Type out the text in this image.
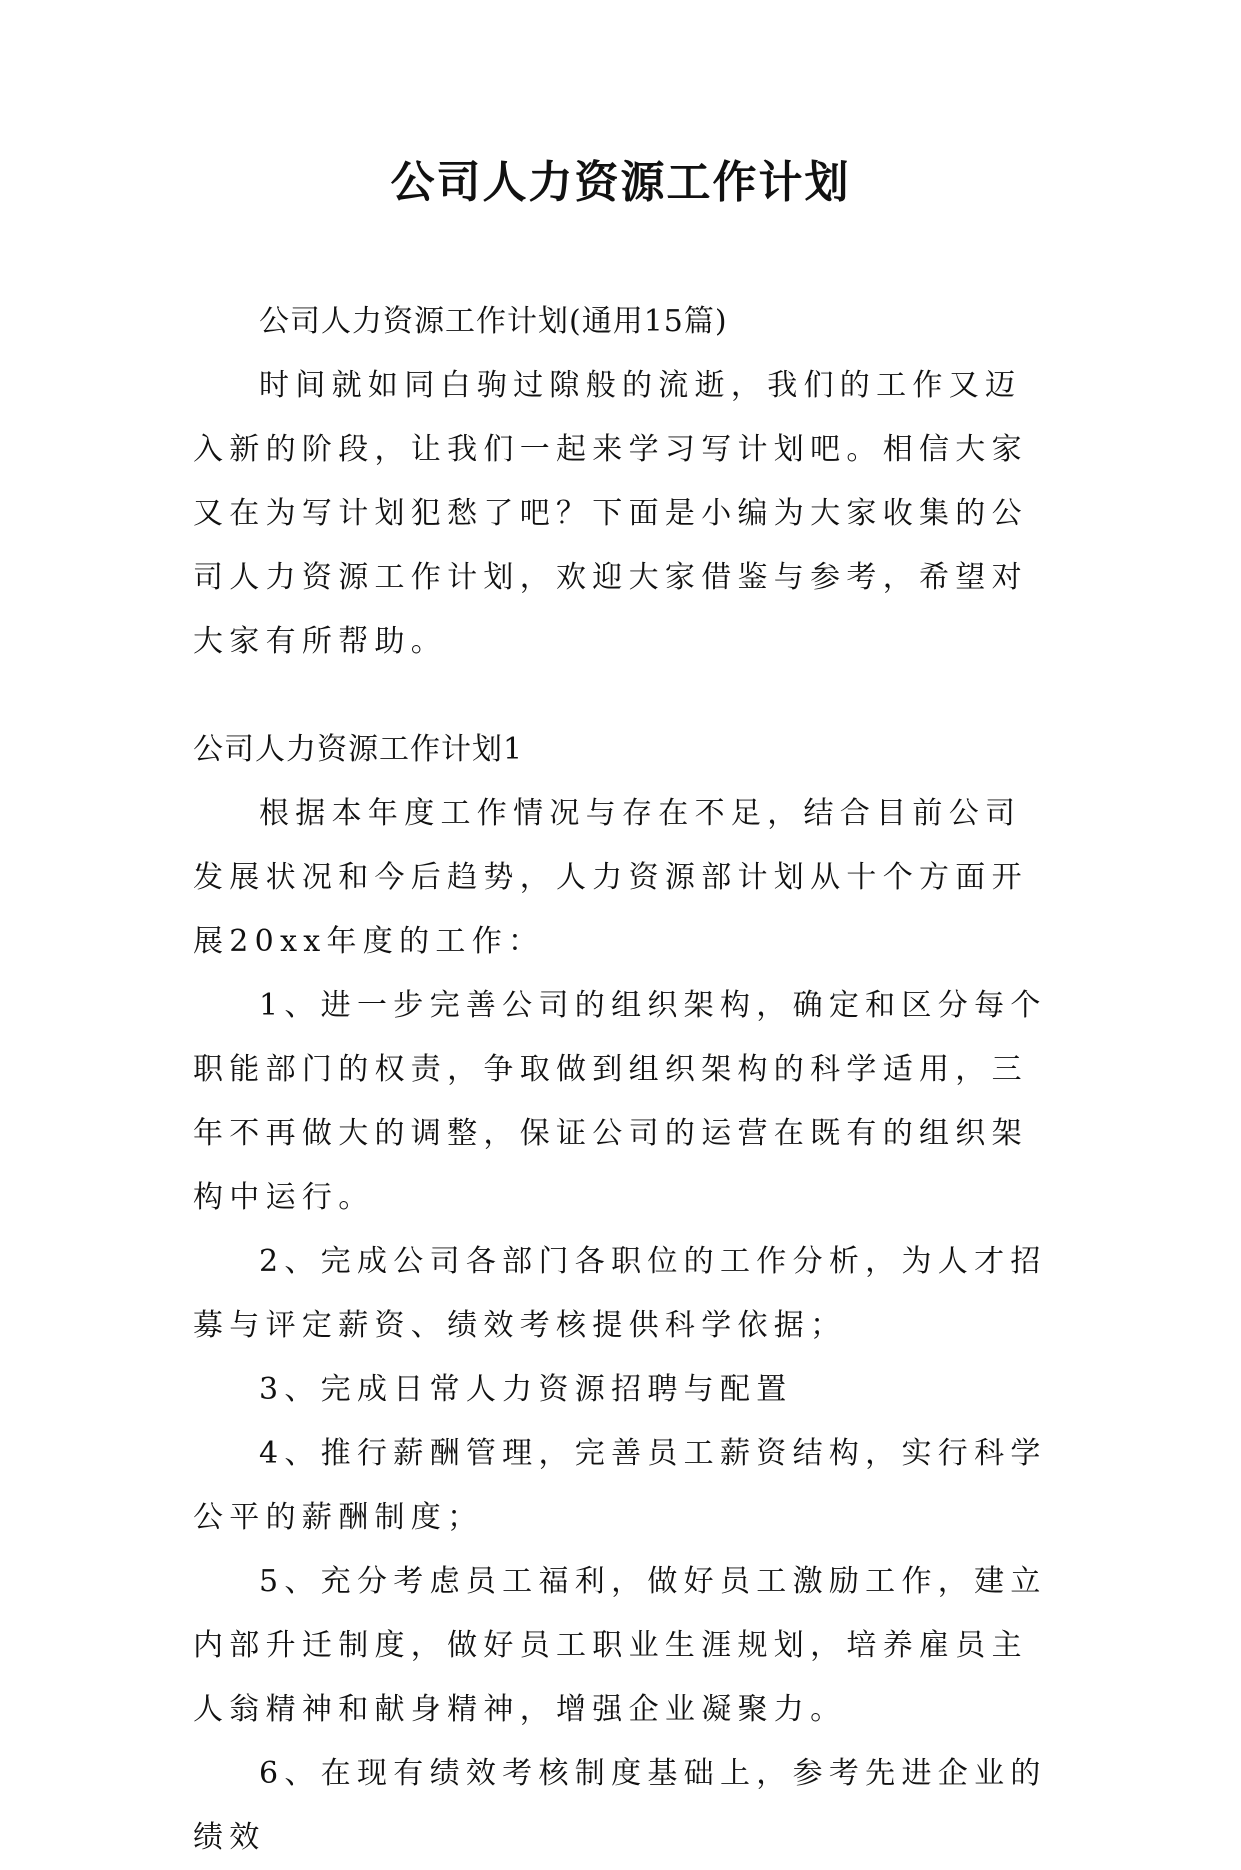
公司人力资源工作计划

公司人力资源工作计划(通用15篇)

时间就如同白驹过隙般的流逝，我们的工作又迈入新的阶段，让我们一起来学习写计划吧。相信大家又在为写计划犯愁了吧？下面是小编为大家收集的公司人力资源工作计划，欢迎大家借鉴与参考，希望对大家有所帮助。

公司人力资源工作计划1

根据本年度工作情况与存在不足，结合目前公司发展状况和今后趋势，人力资源部计划从十个方面开展20xx年度的工作：

1、进一步完善公司的组织架构，确定和区分每个职能部门的权责，争取做到组织架构的科学适用，三年不再做大的调整，保证公司的运营在既有的组织架构中运行。

2、完成公司各部门各职位的工作分析，为人才招募与评定薪资、绩效考核提供科学依据；

3、完成日常人力资源招聘与配置

4、推行薪酬管理，完善员工薪资结构，实行科学公平的薪酬制度；

5、充分考虑员工福利，做好员工激励工作，建立内部升迁制度，做好员工职业生涯规划，培养雇员主人翁精神和献身精神，增强企业凝聚力。

6、在现有绩效考核制度基础上，参考先进企业的绩效
